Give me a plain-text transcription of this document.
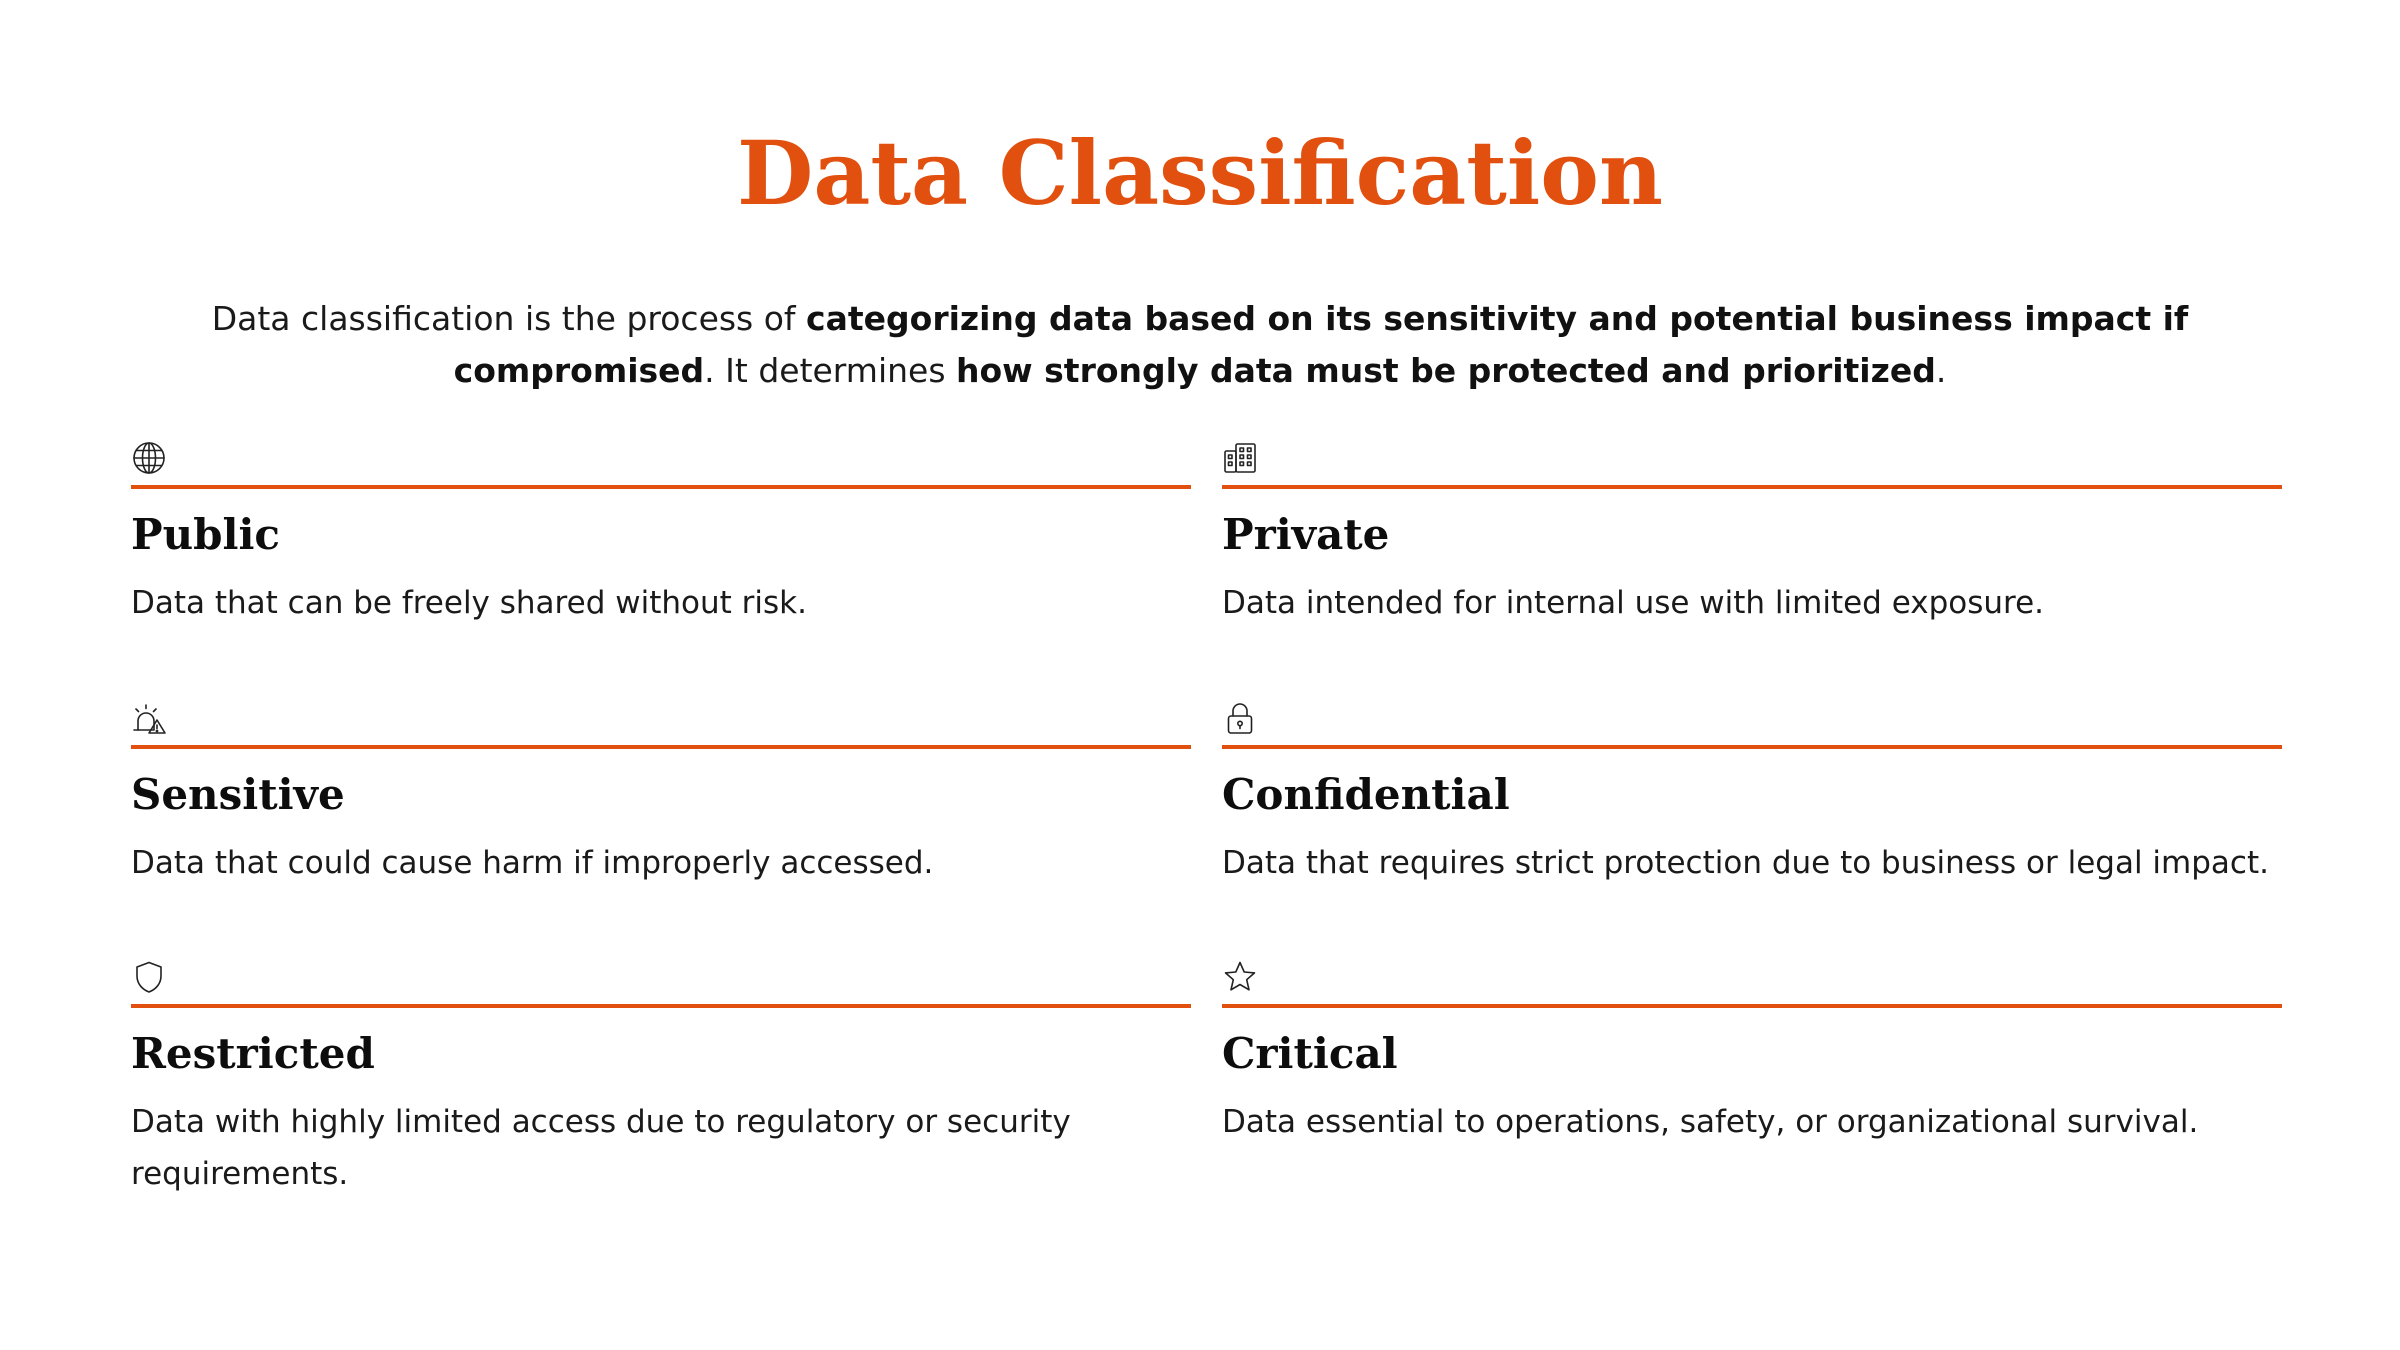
Data Classification

Data classification is the process of categorizing data based on its sensitivity and potential business impact if compromised. It determines how strongly data must be protected and prioritized.

Public

Data that can be freely shared without risk.

Private

Data intended for internal use with limited exposure.

Sensitive

Data that could cause harm if improperly accessed.

Confidential

Data that requires strict protection due to business or legal impact.

Restricted

Data with highly limited access due to regulatory or security requirements.

Critical

Data essential to operations, safety, or organizational survival.
